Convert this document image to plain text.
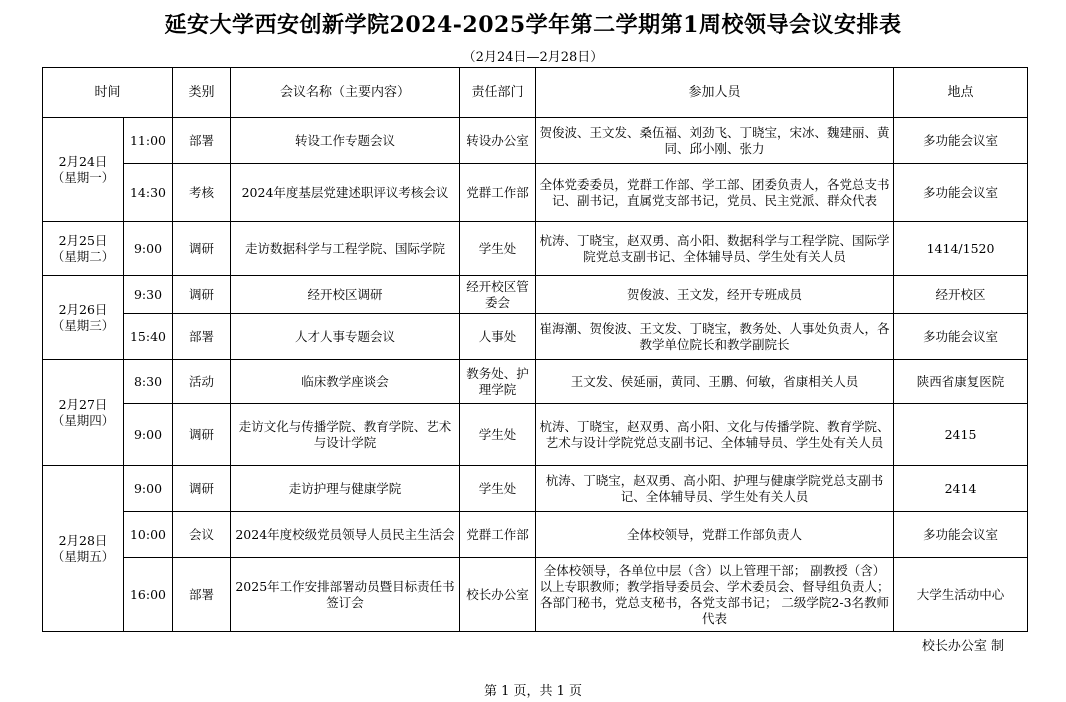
延安大学西安创新学院2024-2025学年第二学期第1周校领导会议安排表
（2月24日—2月28日）
时间		类别	会议名称（主要内容）	责任部门	参加人员	地点

2月24日
（星期一）	11:00	部署	转设工作专题会议	转设办公室	贺俊波、王文发、桑伍福、刘劲飞、丁晓宝，宋冰、魏建丽、黄同、邱小刚、张力	多功能会议室
	14:30	考核	2024年度基层党建述职评议考核会议	党群工作部	全体党委委员，党群工作部、学工部、团委负责人，各党总支书记、副书记，直属党支部书记，党员、民主党派、群众代表	多功能会议室

2月25日
（星期二）	9:00	调研	走访数据科学与工程学院、国际学院	学生处	杭涛、丁晓宝，赵双勇、高小阳、数据科学与工程学院、国际学院党总支副书记、全体辅导员、学生处有关人员	1414/1520

2月26日
（星期三）	9:30	调研	经开校区调研	经开校区管委会	贺俊波、王文发，经开专班成员	经开校区
	15:40	部署	人才人事专题会议	人事处	崔海潮、贺俊波、王文发、丁晓宝，教务处、人事处负责人，各教学单位院长和教学副院长	多功能会议室

2月27日
（星期四）	8:30	活动	临床教学座谈会	教务处、护理学院	王文发、侯延丽，黄同、王鹏、何敏，省康相关人员	陕西省康复医院
	9:00	调研	走访文化与传播学院、教育学院、艺术与设计学院	学生处	杭涛、丁晓宝，赵双勇、高小阳、文化与传播学院、教育学院、艺术与设计学院党总支副书记、全体辅导员、学生处有关人员	2415

2月28日
（星期五）	9:00	调研	走访护理与健康学院	学生处	杭涛、丁晓宝，赵双勇、高小阳、护理与健康学院党总支副书记、全体辅导员、学生处有关人员	2414
	10:00	会议	2024年度校级党员领导人员民主生活会	党群工作部	全体校领导，党群工作部负责人	多功能会议室
	16:00	部署	2025年工作安排部署动员暨目标责任书签订会	校长办公室	全体校领导，各单位中层（含）以上管理干部； 副教授（含）以上专职教师；教学指导委员会、学术委员会、督导组负责人； 各部门秘书，党总支秘书，各党支部书记； 二级学院2-3名教师代表	大学生活动中心
校长办公室 制
第 1 页，共 1 页
